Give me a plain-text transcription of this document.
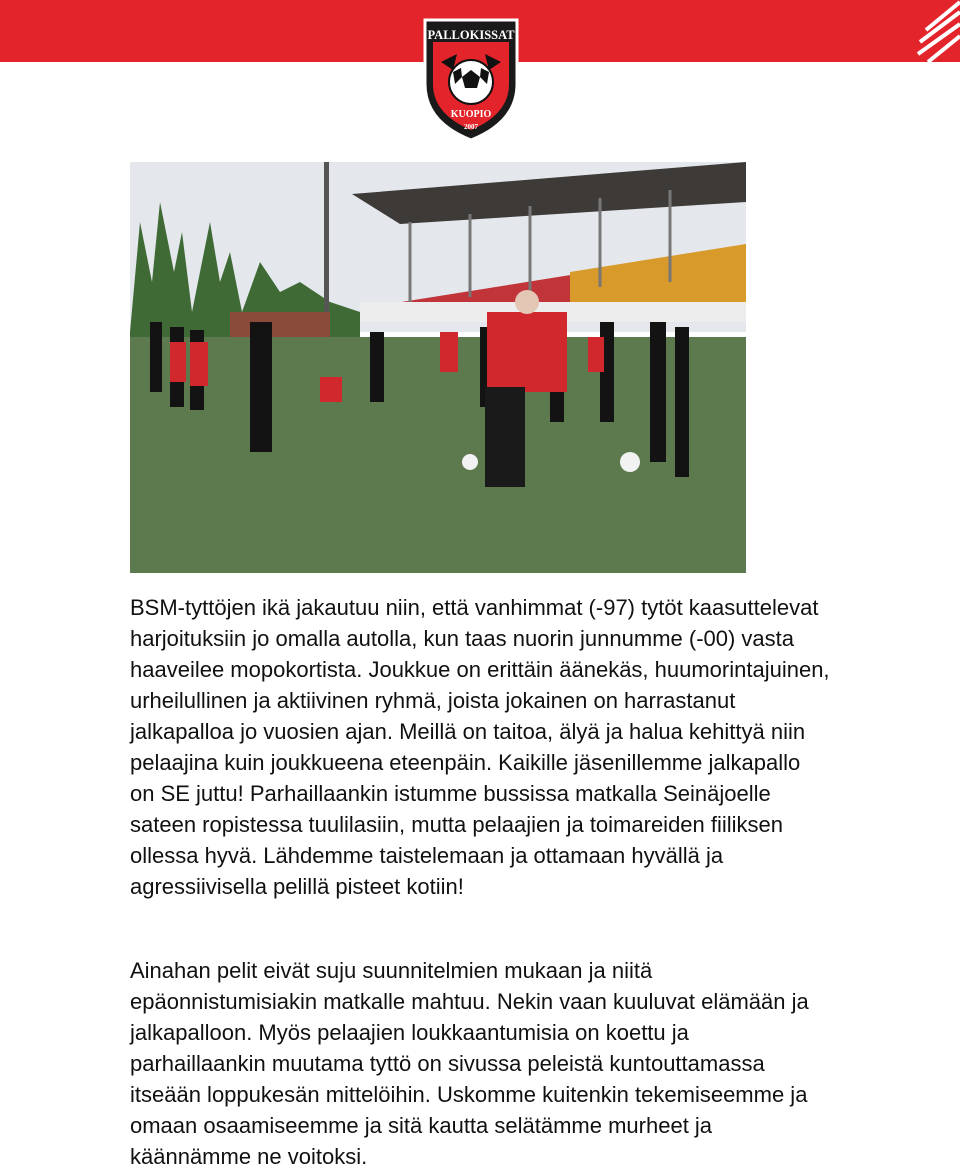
PALLOKISSAT
KUOPIO
2007

BSM-tyttöjen ikä jakautuu niin, että vanhimmat (-97) tytöt kaasuttelevat harjoituksiin jo omalla autolla, kun taas nuorin junnumme (-00) vasta haaveilee mopokortista. Joukkue on erittäin äänekäs, huumorintajuinen, urheilullinen ja aktiivinen ryhmä, joista jokainen on harrastanut jalkapalloa jo vuosien ajan. Meillä on taitoa, älyä ja halua kehittyä niin pelaajina kuin joukkueena eteenpäin. Kaikille jäsenillemme jalkapallo on SE juttu! Parhaillaankin istumme bussissa matkalla Seinäjoelle sateen ropistessa tuulilasiin, mutta pelaajien ja toimareiden fiiliksen ollessa hyvä. Lähdemme taistelemaan ja ottamaan hyvällä ja agressiivisella pelillä pisteet kotiin!

Ainahan pelit eivät suju suunnitelmien mukaan ja niitä epäonnistumisiakin matkalle mahtuu. Nekin vaan kuuluvat elämään ja jalkapalloon. Myös pelaajien loukkaantumisia on koettu ja parhaillaankin muutama tyttö on sivussa peleistä kuntouttamassa itseään loppukesän mittelöihin. Uskomme kuitenkin tekemiseemme ja omaan osaamiseemme ja sitä kautta selätämme murheet ja käännämme ne voitoksi.
